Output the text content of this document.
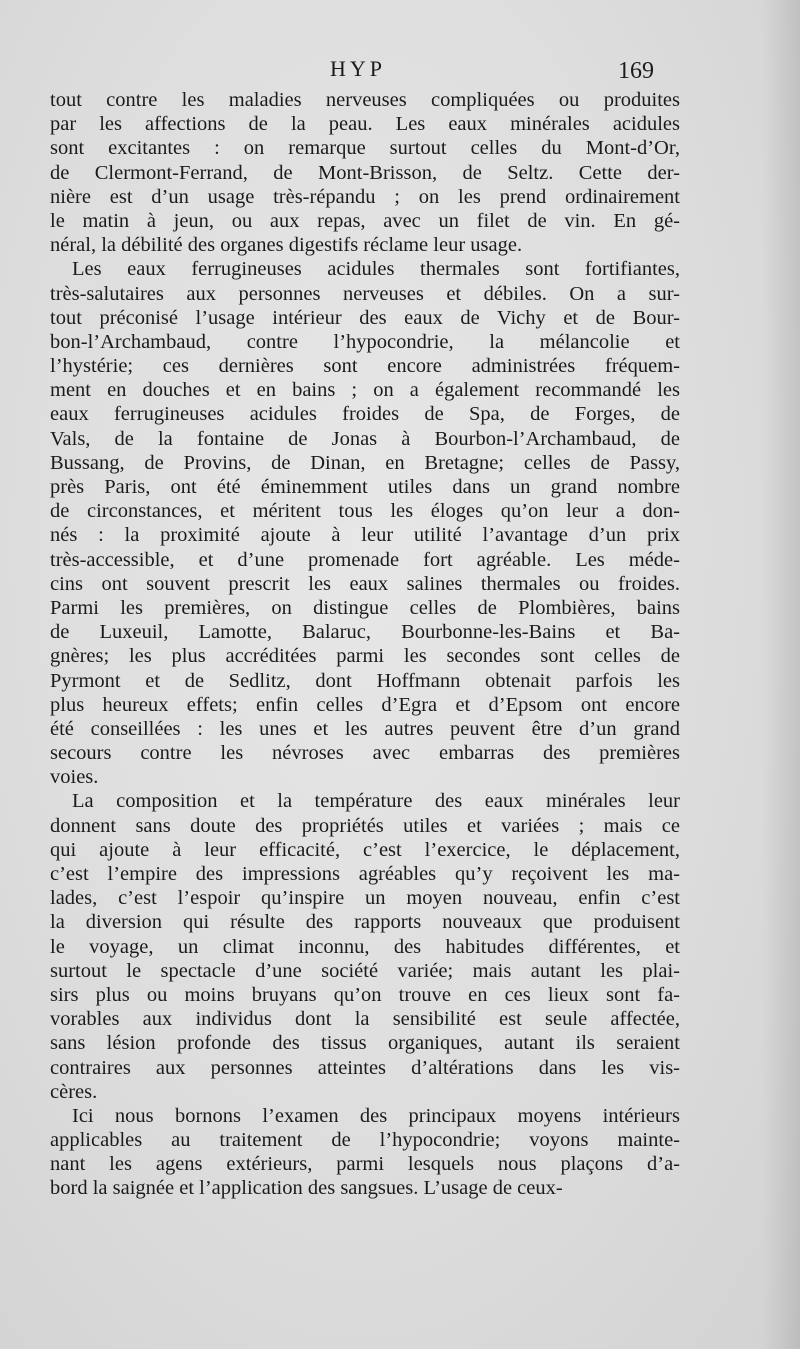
HYP	169
tout contre les maladies nerveuses compliquées ou produites
par les affections de la peau. Les eaux minérales acidules
sont excitantes : on remarque surtout celles du Mont-d’Or,
de Clermont-Ferrand, de Mont-Brisson, de Seltz. Cette der-
nière est d’un usage très-répandu ; on les prend ordinairement
le matin à jeun, ou aux repas, avec un filet de vin. En gé-
néral, la débilité des organes digestifs réclame leur usage.
Les eaux ferrugineuses acidules thermales sont fortifiantes,
très-salutaires aux personnes nerveuses et débiles. On a sur-
tout préconisé l’usage intérieur des eaux de Vichy et de Bour-
bon-l’Archambaud, contre l’hypocondrie, la mélancolie et
l’hystérie; ces dernières sont encore administrées fréquem-
ment en douches et en bains ; on a également recommandé les
eaux ferrugineuses acidules froides de Spa, de Forges, de
Vals, de la fontaine de Jonas à Bourbon-l’Archambaud, de
Bussang, de Provins, de Dinan, en Bretagne; celles de Passy,
près Paris, ont été éminemment utiles dans un grand nombre
de circonstances, et méritent tous les éloges qu’on leur a don-
nés : la proximité ajoute à leur utilité l’avantage d’un prix
très-accessible, et d’une promenade fort agréable. Les méde-
cins ont souvent prescrit les eaux salines thermales ou froides.
Parmi les premières, on distingue celles de Plombières, bains
de Luxeuil, Lamotte, Balaruc, Bourbonne-les-Bains et Ba-
gnères; les plus accréditées parmi les secondes sont celles de
Pyrmont et de Sedlitz, dont Hoffmann obtenait parfois les
plus heureux effets; enfin celles d’Egra et d’Epsom ont encore
été conseillées : les unes et les autres peuvent être d’un grand
secours contre les névroses avec embarras des premières
voies.
La composition et la température des eaux minérales leur
donnent sans doute des propriétés utiles et variées ; mais ce
qui ajoute à leur efficacité, c’est l’exercice, le déplacement,
c’est l’empire des impressions agréables qu’y reçoivent les ma-
lades, c’est l’espoir qu’inspire un moyen nouveau, enfin c’est
la diversion qui résulte des rapports nouveaux que produisent
le voyage, un climat inconnu, des habitudes différentes, et
surtout le spectacle d’une société variée; mais autant les plai-
sirs plus ou moins bruyans qu’on trouve en ces lieux sont fa-
vorables aux individus dont la sensibilité est seule affectée,
sans lésion profonde des tissus organiques, autant ils seraient
contraires aux personnes atteintes d’altérations dans les vis-
cères.
Ici nous bornons l’examen des principaux moyens intérieurs
applicables au traitement de l’hypocondrie; voyons mainte-
nant les agens extérieurs, parmi lesquels nous plaçons d’a-
bord la saignée et l’application des sangsues. L’usage de ceux-
